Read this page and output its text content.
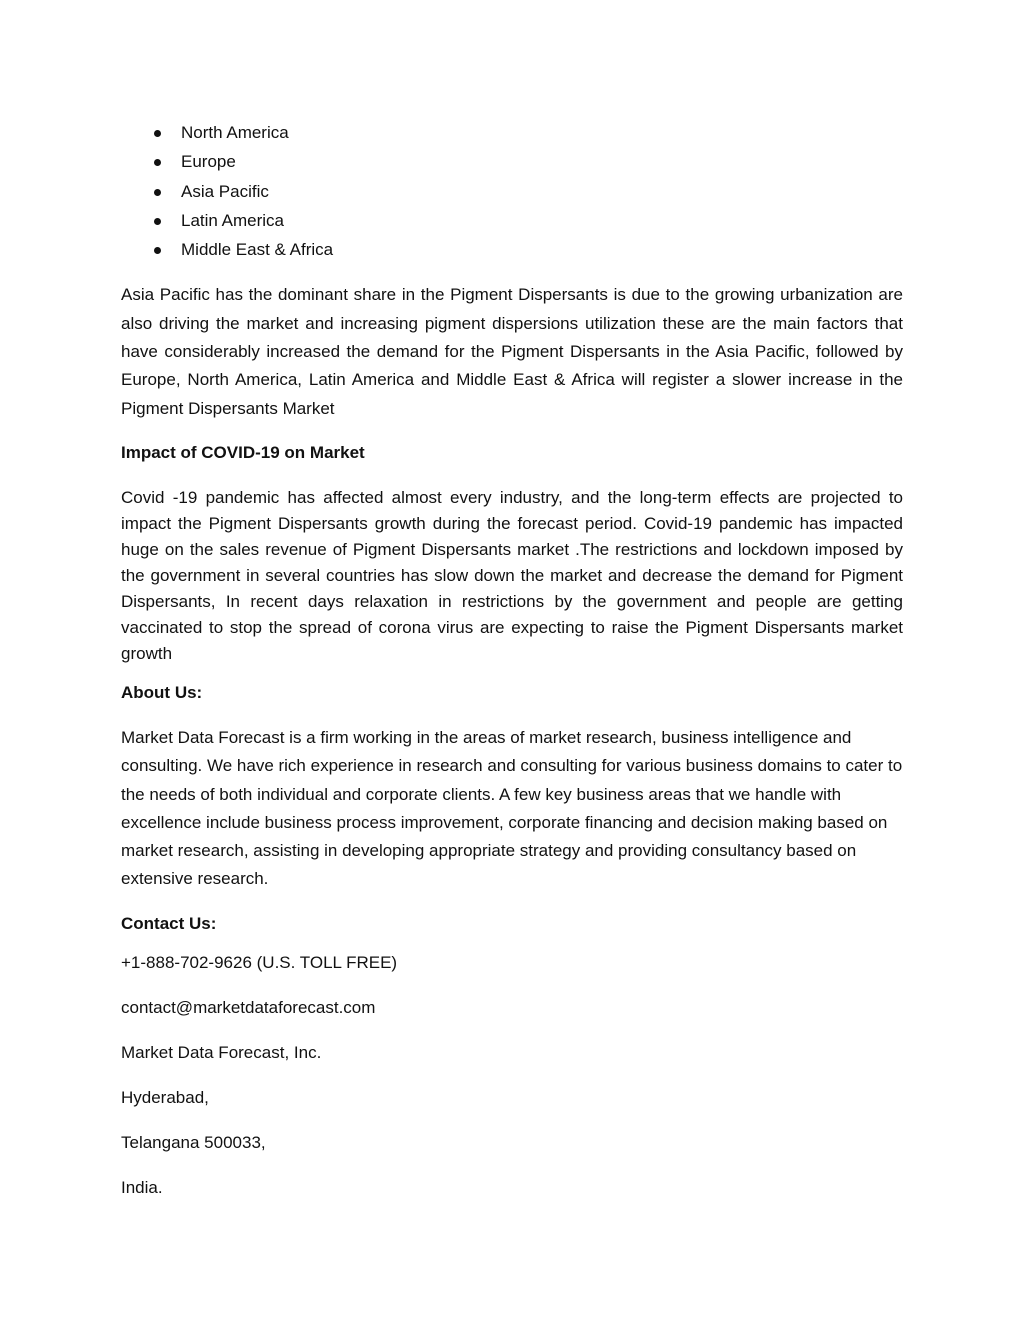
North America
Europe
Asia Pacific
Latin America
Middle East & Africa

Asia Pacific has the dominant share in the Pigment Dispersants is due to the growing urbanization are also driving the market and increasing pigment dispersions utilization these are the main factors that have considerably increased the demand for the Pigment Dispersants in the Asia Pacific, followed by Europe, North America, Latin America and Middle East & Africa will register a slower increase in the Pigment Dispersants Market

Impact of COVID-19 on Market

Covid -19 pandemic has affected almost every industry, and the long-term effects are projected to impact the Pigment Dispersants growth during the forecast period. Covid-19 pandemic has impacted huge on the sales revenue of Pigment Dispersants market .The restrictions and lockdown imposed by the government in several countries has slow down the market and decrease the demand for Pigment Dispersants, In recent days relaxation in restrictions by the government and people are getting vaccinated to stop the spread of corona virus are expecting to raise the Pigment Dispersants market growth

About Us:

Market Data Forecast is a firm working in the areas of market research, business intelligence and consulting. We have rich experience in research and consulting for various business domains to cater to the needs of both individual and corporate clients. A few key business areas that we handle with excellence include business process improvement, corporate financing and decision making based on market research, assisting in developing appropriate strategy and providing consultancy based on extensive research.

Contact Us:

+1-888-702-9626 (U.S. TOLL FREE)
contact@marketdataforecast.com
Market Data Forecast, Inc.
Hyderabad,
Telangana 500033,
India.
